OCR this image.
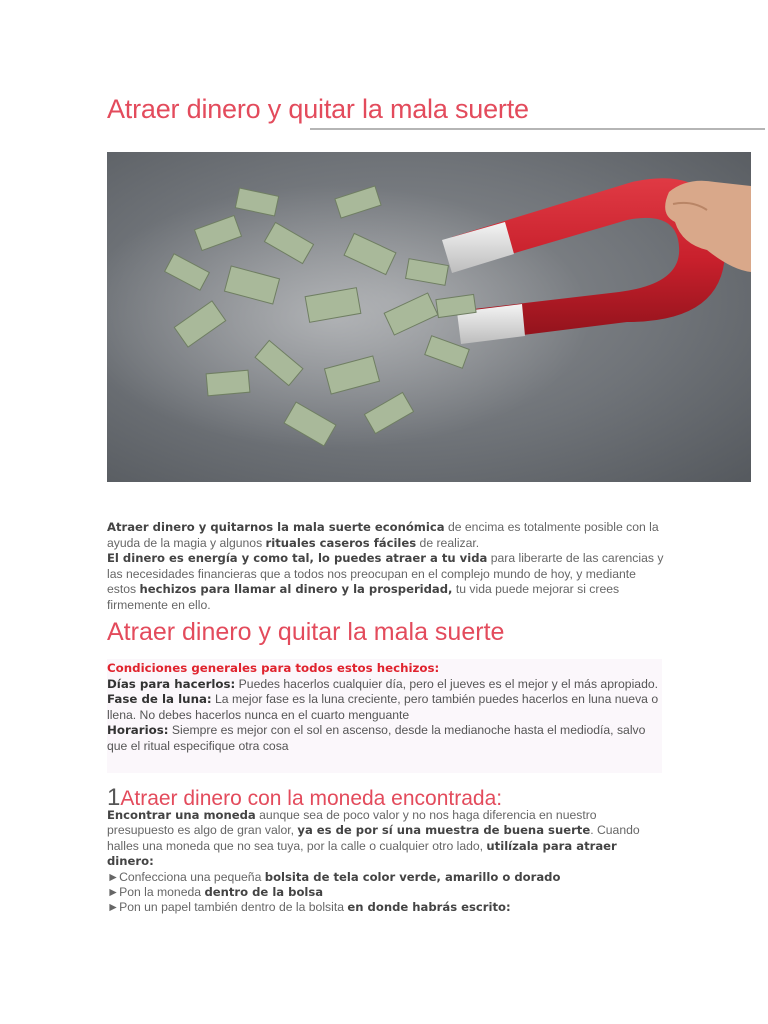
Atraer dinero y quitar la mala suerte

Atraer dinero y quitarnos la mala suerte económica de encima es totalmente posible con la ayuda de la magia y algunos rituales caseros fáciles de realizar.
El dinero es energía y como tal, lo puedes atraer a tu vida para liberarte de las carencias y las necesidades financieras que a todos nos preocupan en el complejo mundo de hoy, y mediante estos hechizos para llamar al dinero y la prosperidad, tu vida puede mejorar si crees firmemente en ello.

Atraer dinero y quitar la mala suerte

Condiciones generales para todos estos hechizos:

Días para hacerlos: Puedes hacerlos cualquier día, pero el jueves es el mejor y el más apropiado.

Fase de la luna: La mejor fase es la luna creciente, pero también puedes hacerlos en luna nueva o llena. No debes hacerlos nunca en el cuarto menguante

Horarios: Siempre es mejor con el sol en ascenso, desde la medianoche hasta el mediodía, salvo que el ritual especifique otra cosa

1Atraer dinero con la moneda encontrada:

Encontrar una moneda aunque sea de poco valor y no nos haga diferencia en nuestro presupuesto es algo de gran valor, ya es de por sí una muestra de buena suerte. Cuando halles una moneda que no sea tuya, por la calle o cualquier otro lado, utilízala para atraer dinero:
►Confecciona una pequeña bolsita de tela color verde, amarillo o dorado
►Pon la moneda dentro de la bolsa
►Pon un papel también dentro de la bolsita en donde habrás escrito:
